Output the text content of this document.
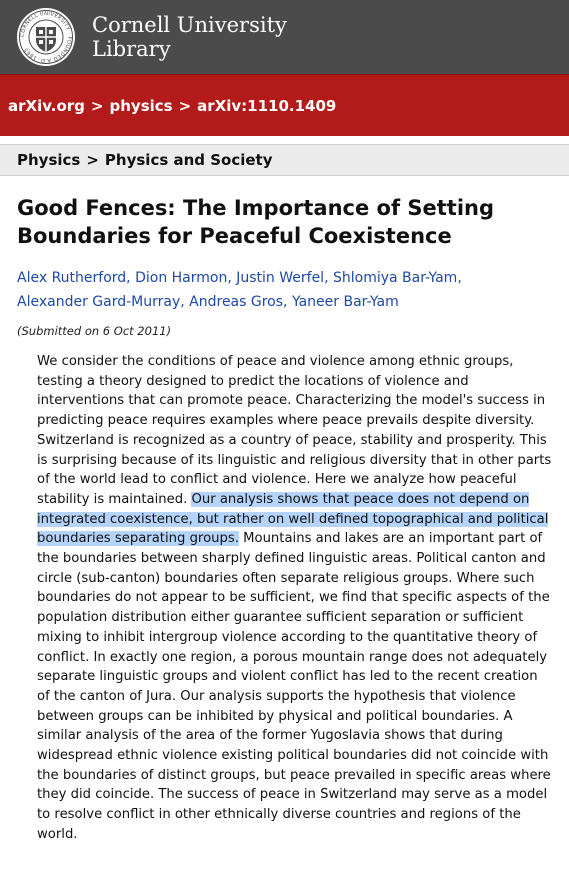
CORNELL UNIVERSITY · FOUNDED A.D. 1865
Cornell University
Library
arXiv.org > physics > arXiv:1110.1409
Physics > Physics and Society
Good Fences: The Importance of Setting Boundaries for Peaceful Coexistence
Alex Rutherford, Dion Harmon, Justin Werfel, Shlomiya Bar-Yam,
Alexander Gard-Murray, Andreas Gros, Yaneer Bar-Yam
(Submitted on 6 Oct 2011)
We consider the conditions of peace and violence among ethnic groups, testing a theory designed to predict the locations of violence and interventions that can promote peace. Characterizing the model's success in predicting peace requires examples where peace prevails despite diversity. Switzerland is recognized as a country of peace, stability and prosperity. This is surprising because of its linguistic and religious diversity that in other parts of the world lead to conflict and violence. Here we analyze how peaceful stability is maintained. Our analysis shows that peace does not depend on integrated coexistence, but rather on well defined topographical and political boundaries separating groups. Mountains and lakes are an important part of the boundaries between sharply defined linguistic areas. Political canton and circle (sub-canton) boundaries often separate religious groups. Where such boundaries do not appear to be sufficient, we find that specific aspects of the population distribution either guarantee sufficient separation or sufficient mixing to inhibit intergroup violence according to the quantitative theory of conflict. In exactly one region, a porous mountain range does not adequately separate linguistic groups and violent conflict has led to the recent creation of the canton of Jura. Our analysis supports the hypothesis that violence between groups can be inhibited by physical and political boundaries. A similar analysis of the area of the former Yugoslavia shows that during widespread ethnic violence existing political boundaries did not coincide with the boundaries of distinct groups, but peace prevailed in specific areas where they did coincide. The success of peace in Switzerland may serve as a model to resolve conflict in other ethnically diverse countries and regions of the world.
